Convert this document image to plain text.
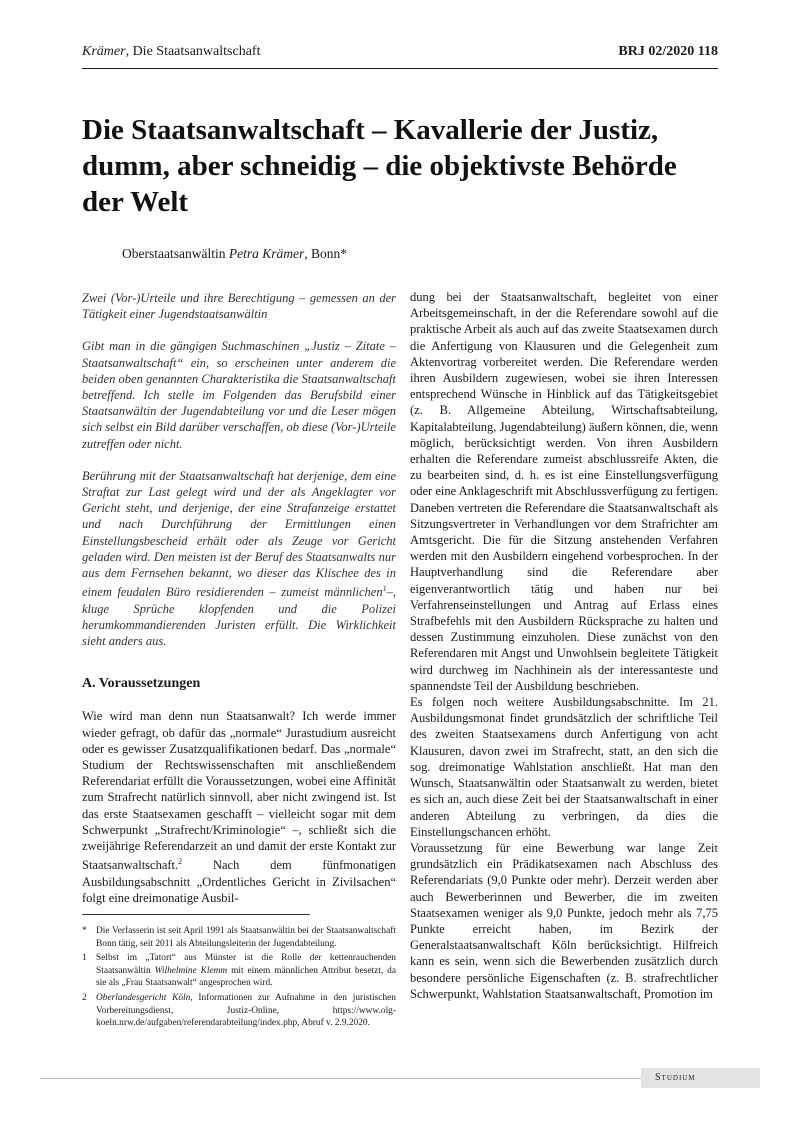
Krämer, Die Staatsanwaltschaft	BRJ 02/2020 118
Die Staatsanwaltschaft – Kavallerie der Justiz, dumm, aber schneidig – die objektivste Behörde der Welt
Oberstaatsanwältin Petra Krämer, Bonn*

Zwei (Vor-)Urteile und ihre Berechtigung – gemessen an der Tätigkeit einer Jugendstaatsanwältin

Gibt man in die gängigen Suchmaschinen „Justiz – Zitate – Staatsanwaltschaft“ ein, so erscheinen unter anderem die beiden oben genannten Charakteristika die Staatsanwaltschaft betreffend. Ich stelle im Folgenden das Berufsbild einer Staatsanwältin der Jugendabteilung vor und die Leser mögen sich selbst ein Bild darüber verschaffen, ob diese (Vor-)Urteile zutreffen oder nicht.

Berührung mit der Staatsanwaltschaft hat derjenige, dem eine Straftat zur Last gelegt wird und der als Angeklagter vor Gericht steht, und derjenige, der eine Strafanzeige erstattet und nach Durchführung der Ermittlungen einen Einstellungsbescheid erhält oder als Zeuge vor Gericht geladen wird. Den meisten ist der Beruf des Staatsanwalts nur aus dem Fernsehen bekannt, wo dieser das Klischee des in einem feudalen Büro residierenden – zumeist männlichen$^1$–, kluge Sprüche klopfenden und die Polizei herumkommandierenden Juristen erfüllt. Die Wirklichkeit sieht anders aus.

A. Voraussetzungen

Wie wird man denn nun Staatsanwalt? Ich werde immer wieder gefragt, ob dafür das „normale“ Jurastudium ausreicht oder es gewisser Zusatzqualifikationen bedarf. Das „normale“ Studium der Rechtswissenschaften mit anschließendem Referendariat erfüllt die Voraussetzungen, wobei eine Affinität zum Strafrecht natürlich sinnvoll, aber nicht zwingend ist. Ist das erste Staatsexamen geschafft – vielleicht sogar mit dem Schwerpunkt „Strafrecht/Kriminologie“ –, schließt sich die zweijährige Referendarzeit an und damit der erste Kontakt zur Staatsanwaltschaft.$^2$ Nach dem fünfmonatigen Ausbildungsabschnitt „Ordentliches Gericht in Zivilsachen“ folgt eine dreimonatige Ausbil-

dung bei der Staatsanwaltschaft, begleitet von einer Arbeitsgemeinschaft, in der die Referendare sowohl auf die praktische Arbeit als auch auf das zweite Staatsexamen durch die Anfertigung von Klausuren und die Gelegenheit zum Aktenvortrag vorbereitet werden. Die Referendare werden ihren Ausbildern zugewiesen, wobei sie ihren Interessen entsprechend Wünsche in Hinblick auf das Tätigkeitsgebiet (z. B. Allgemeine Abteilung, Wirtschaftsabteilung, Kapitalabteilung, Jugendabteilung) äußern können, die, wenn möglich, berücksichtigt werden. Von ihren Ausbildern erhalten die Referendare zumeist abschlussreife Akten, die zu bearbeiten sind, d. h. es ist eine Einstellungsverfügung oder eine Anklageschrift mit Abschlussverfügung zu fertigen. Daneben vertreten die Referendare die Staatsanwaltschaft als Sitzungsvertreter in Verhandlungen vor dem Strafrichter am Amtsgericht. Die für die Sitzung anstehenden Verfahren werden mit den Ausbildern eingehend vorbesprochen. In der Hauptverhandlung sind die Referendare aber eigenverantwortlich tätig und haben nur bei Verfahrenseinstellungen und Antrag auf Erlass eines Strafbefehls mit den Ausbildern Rücksprache zu halten und dessen Zustimmung einzuholen. Diese zunächst von den Referendaren mit Angst und Unwohlsein begleitete Tätigkeit wird durchweg im Nachhinein als der interessanteste und spannendste Teil der Ausbildung beschrieben.

Es folgen noch weitere Ausbildungsabschnitte. Im 21. Ausbildungsmonat findet grundsätzlich der schriftliche Teil des zweiten Staatsexamens durch Anfertigung von acht Klausuren, davon zwei im Strafrecht, statt, an den sich die sog. dreimonatige Wahlstation anschließt. Hat man den Wunsch, Staatsanwältin oder Staatsanwalt zu werden, bietet es sich an, auch diese Zeit bei der Staatsanwaltschaft in einer anderen Abteilung zu verbringen, da dies die Einstellungschancen erhöht.

Voraussetzung für eine Bewerbung war lange Zeit grundsätzlich ein Prädikatsexamen nach Abschluss des Referendariats (9,0 Punkte oder mehr). Derzeit werden aber auch Bewerberinnen und Bewerber, die im zweiten Staatsexamen weniger als 9,0 Punkte, jedoch mehr als 7,75 Punkte erreicht haben, im Bezirk der Generalstaatsanwaltschaft Köln berücksichtigt. Hilfreich kann es sein, wenn sich die Bewerbenden zusätzlich durch besondere persönliche Eigenschaften (z. B. strafrechtlicher Schwerpunkt, Wahlstation Staatsanwaltschaft, Promotion im

* Die Verfasserin ist seit April 1991 als Staatsanwältin bei der Staatsanwaltschaft Bonn tätig, seit 2011 als Abteilungsleiterin der Jugendabteilung.
1 Selbst im „Tatort“ aus Münster ist die Rolle der kettenrauchenden Staatsanwältin Wilhelmine Klemm mit einem männlichen Attribut besetzt, da sie als „Frau Staatsanwalt“ angesprochen wird.
2 Oberlandesgericht Köln, Informationen zur Aufnahme in den juristischen Vorbereitungsdienst, Justiz-Online, https://www.olg-koeln.nrw.de/aufgaben/referendarabteilung/index.php, Abruf v. 2.9.2020.
Studium
